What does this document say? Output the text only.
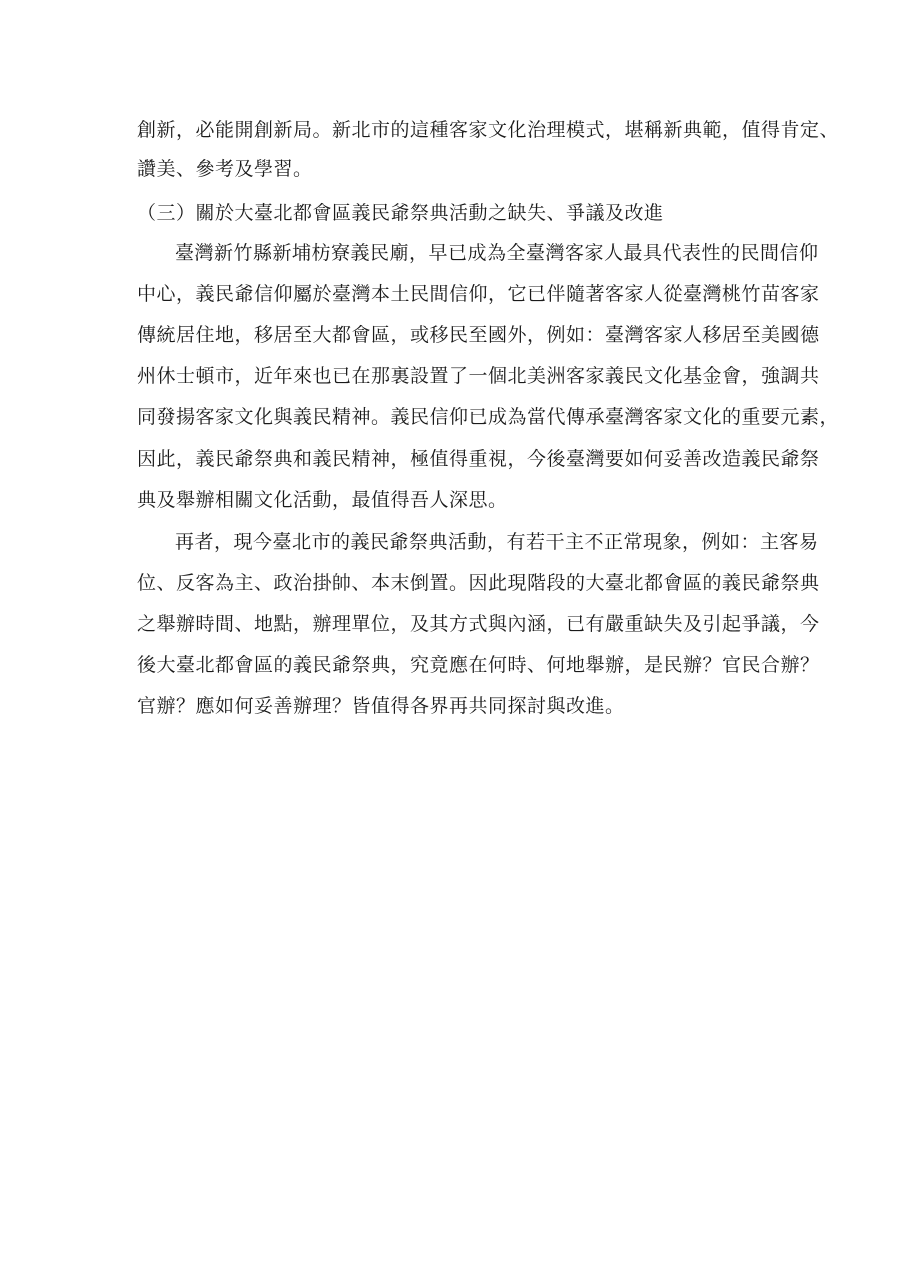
創新，必能開創新局。新北市的這種客家文化治理模式，堪稱新典範，值得肯定、
讚美、參考及學習。
（三）關於大臺北都會區義民爺祭典活動之缺失、爭議及改進
臺灣新竹縣新埔枋寮義民廟，早已成為全臺灣客家人最具代表性的民間信仰
中心，義民爺信仰屬於臺灣本土民間信仰，它已伴隨著客家人從臺灣桃竹苗客家
傳統居住地，移居至大都會區，或移民至國外，例如：臺灣客家人移居至美國德
州休士頓市，近年來也已在那裏設置了一個北美洲客家義民文化基金會，強調共
同發揚客家文化與義民精神。義民信仰已成為當代傳承臺灣客家文化的重要元素，
因此，義民爺祭典和義民精神，極值得重視，今後臺灣要如何妥善改造義民爺祭
典及舉辦相關文化活動，最值得吾人深思。
再者，現今臺北市的義民爺祭典活動，有若干主不正常現象，例如：主客易
位、反客為主、政治掛帥、本末倒置。因此現階段的大臺北都會區的義民爺祭典
之舉辦時間、地點，辦理單位，及其方式與內涵，已有嚴重缺失及引起爭議，今
後大臺北都會區的義民爺祭典，究竟應在何時、何地舉辦，是民辦？官民合辦？
官辦？應如何妥善辦理？皆值得各界再共同探討與改進。
